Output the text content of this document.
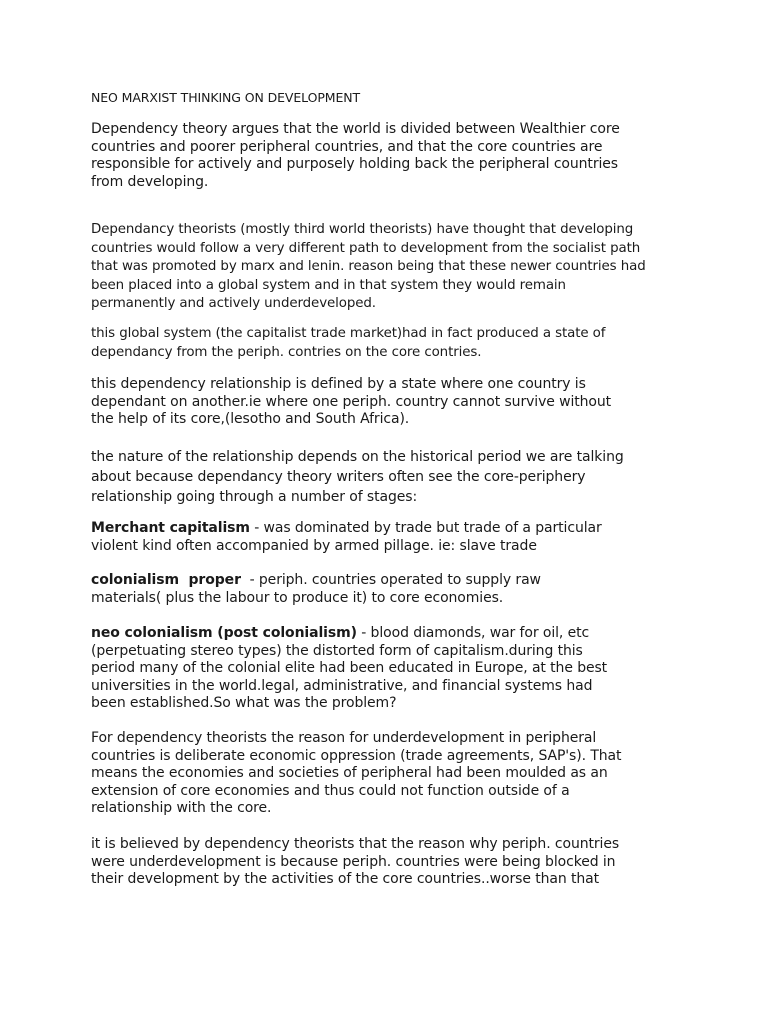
NEO MARXIST THINKING ON DEVELOPMENT

Dependency theory argues that the world is divided between Wealthier core
countries and poorer peripheral countries, and that the core countries are
responsible for actively and purposely holding back the peripheral countries
from developing.

Dependancy theorists (mostly third world theorists) have thought that developing
countries would follow a very different path to development from the socialist path
that was promoted by marx and lenin. reason being that these newer countries had
been placed into a global system and in that system they would remain
permanently and actively underdeveloped.

this global system (the capitalist trade market)had in fact produced a state of
dependancy from the periph. contries on the core contries.

this dependency relationship is defined by a state where one country is
dependant on another.ie where one periph. country cannot survive without
the help of its core,(lesotho and South Africa).

the nature of the relationship depends on the historical period we are talking
about because dependancy theory writers often see the core-periphery
relationship going through a number of stages:

Merchant capitalism - was dominated by trade but trade of a particular
violent kind often accompanied by armed pillage. ie: slave trade

colonialism  proper  - periph. countries operated to supply raw
materials( plus the labour to produce it) to core economies.

neo colonialism (post colonialism) - blood diamonds, war for oil, etc
(perpetuating stereo types) the distorted form of capitalism.during this
period many of the colonial elite had been educated in Europe, at the best
universities in the world.legal, administrative, and financial systems had
been established.So what was the problem?

For dependency theorists the reason for underdevelopment in peripheral
countries is deliberate economic oppression (trade agreements, SAP's). That
means the economies and societies of peripheral had been moulded as an
extension of core economies and thus could not function outside of a
relationship with the core.

it is believed by dependency theorists that the reason why periph. countries
were underdevelopment is because periph. countries were being blocked in
their development by the activities of the core countries..worse than that
